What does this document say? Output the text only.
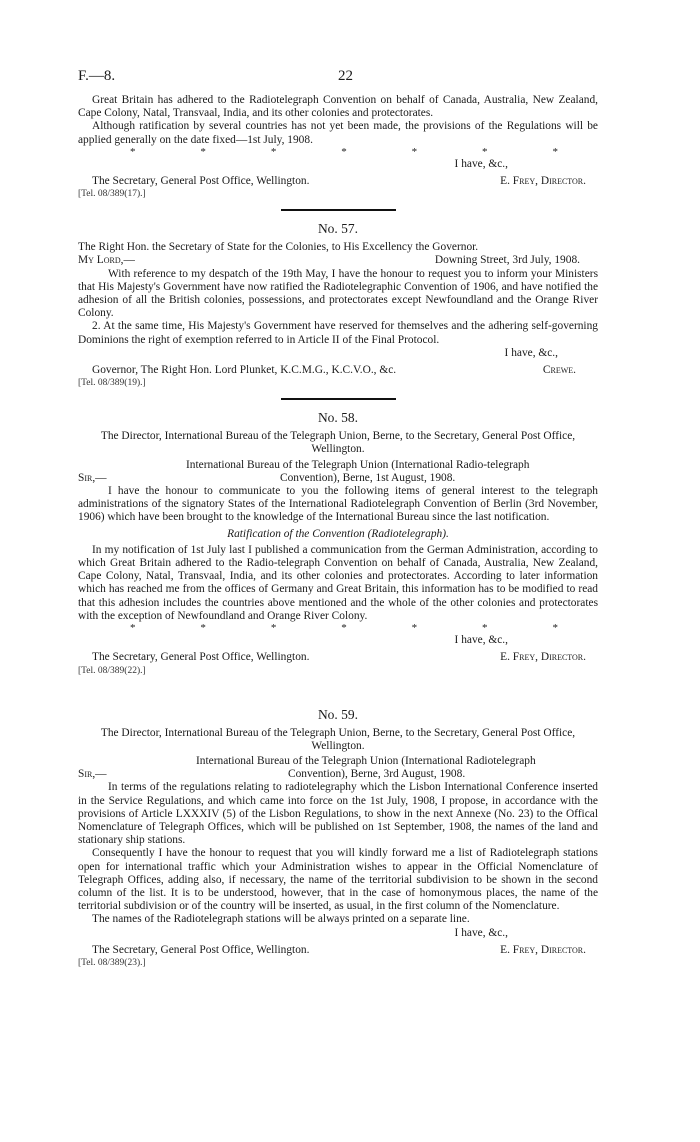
F.—8.	22

Great Britain has adhered to the Radiotelegraph Convention on behalf of Canada, Australia, New Zealand, Cape Colony, Natal, Transvaal, India, and its other colonies and protectorates.

Although ratification by several countries has not yet been made, the provisions of the Regulations will be applied generally on the date fixed—1st July, 1908.

*	*	*	*	*	*	*
I have, &c.,
The Secretary, General Post Office, Wellington.	E. Frey, Director.
[Tel. 08/389(17).]
No. 57.

The Right Hon. the Secretary of State for the Colonies, to His Excellency the Governor.

My Lord,—	Downing Street, 3rd July, 1908.

With reference to my despatch of the 19th May, I have the honour to request you to inform your Ministers that His Majesty's Government have now ratified the Radiotelegraphic Convention of 1906, and have notified the adhesion of all the British colonies, possessions, and protectorates except Newfoundland and the Orange River Colony.

2. At the same time, His Majesty's Government have reserved for themselves and the adhering self-governing Dominions the right of exemption referred to in Article II of the Final Protocol.

I have, &c.,
Governor, The Right Hon. Lord Plunket, K.C.M.G., K.C.V.O., &c.	Crewe.
[Tel. 08/389(19).]
No. 58.

The Director, International Bureau of the Telegraph Union, Berne, to the Secretary, General Post Office, Wellington.

International Bureau of the Telegraph Union (International Radio-telegraph
Convention), Berne, 1st August, 1908.
Sir,—

I have the honour to communicate to you the following items of general interest to the telegraph administrations of the signatory States of the International Radiotelegraph Convention of Berlin (3rd November, 1906) which have been brought to the knowledge of the International Bureau since the last notification.

Ratification of the Convention (Radiotelegraph).

In my notification of 1st July last I published a communication from the German Administration, according to which Great Britain adhered to the Radio-telegraph Convention on behalf of Canada, Australia, New Zealand, Cape Colony, Natal, Transvaal, India, and its other colonies and protectorates. According to later information which has reached me from the offices of Germany and Great Britain, this information has to be modified to read that this adhesion includes the countries above mentioned and the whole of the other colonies and protectorates with the exception of Newfoundland and Orange River Colony.

*	*	*	*	*	*	*
I have, &c.,
The Secretary, General Post Office, Wellington.	E. Frey, Director.
[Tel. 08/389(22).]
No. 59.

The Director, International Bureau of the Telegraph Union, Berne, to the Secretary, General Post Office, Wellington.

International Bureau of the Telegraph Union (International Radiotelegraph
Convention), Berne, 3rd August, 1908.
Sir,—

In terms of the regulations relating to radiotelegraphy which the Lisbon International Conference inserted in the Service Regulations, and which came into force on the 1st July, 1908, I propose, in accordance with the provisions of Article LXXXIV (5) of the Lisbon Regulations, to show in the next Annexe (No. 23) to the Offical Nomenclature of Telegraph Offices, which will be published on 1st September, 1908, the names of the land and stationary ship stations.

Consequently I have the honour to request that you will kindly forward me a list of Radiotelegraph stations open for international traffic which your Administration wishes to appear in the Official Nomenclature of Telegraph Offices, adding also, if necessary, the name of the territorial subdivision to be shown in the second column of the list. It is to be understood, however, that in the case of homonymous places, the name of the territorial subdivision or of the country will be inserted, as usual, in the first column of the Nomenclature.

The names of the Radiotelegraph stations will be always printed on a separate line.

I have, &c.,
The Secretary, General Post Office, Wellington.	E. Frey, Director.
[Tel. 08/389(23).]
